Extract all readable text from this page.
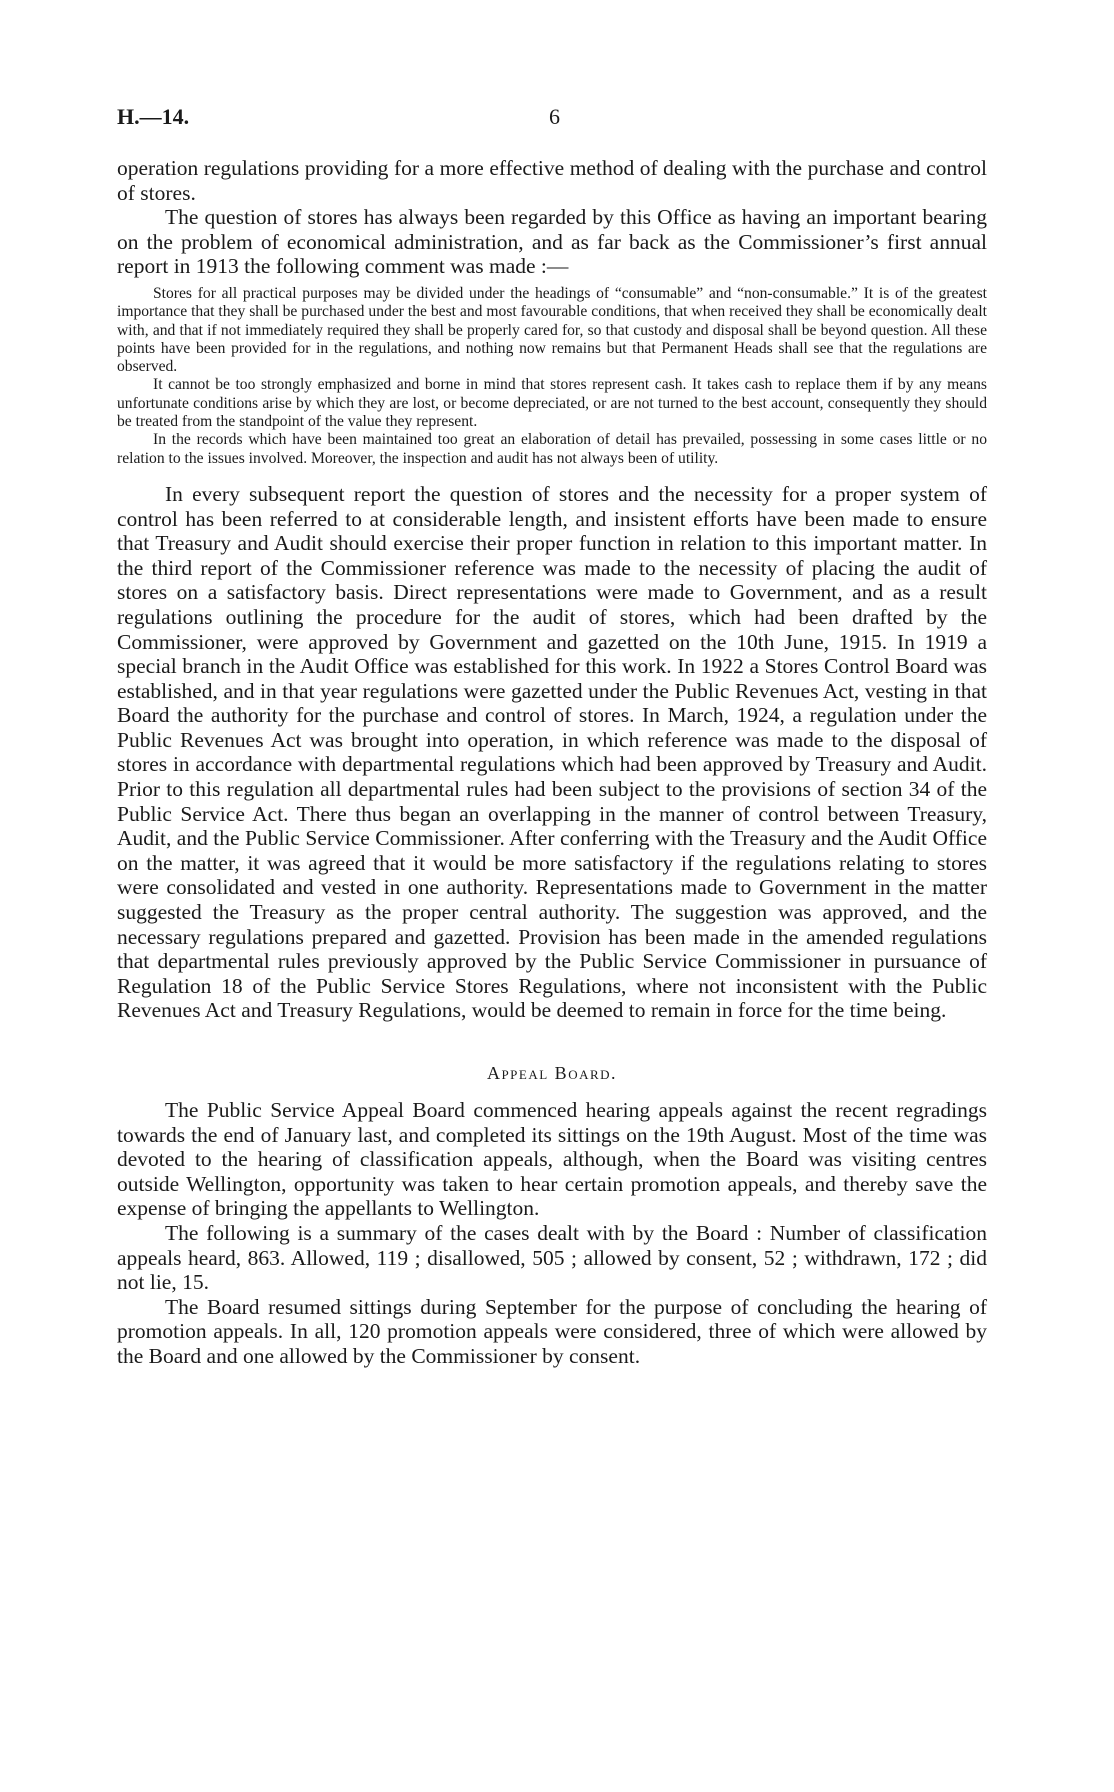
H.—14.	6

operation regulations providing for a more effective method of dealing with the purchase and control of stores.

The question of stores has always been regarded by this Office as having an important bearing on the problem of economical administration, and as far back as the Commissioner’s first annual report in 1913 the following comment was made :—

Stores for all practical purposes may be divided under the headings of “consumable” and “non-consumable.” It is of the greatest importance that they shall be purchased under the best and most favourable conditions, that when received they shall be economically dealt with, and that if not immediately required they shall be properly cared for, so that custody and disposal shall be beyond question. All these points have been provided for in the regulations, and nothing now remains but that Permanent Heads shall see that the regulations are observed.

It cannot be too strongly emphasized and borne in mind that stores represent cash. It takes cash to replace them if by any means unfortunate conditions arise by which they are lost, or become depreciated, or are not turned to the best account, consequently they should be treated from the standpoint of the value they represent.

In the records which have been maintained too great an elaboration of detail has prevailed, possessing in some cases little or no relation to the issues involved. Moreover, the inspection and audit has not always been of utility.

In every subsequent report the question of stores and the necessity for a proper system of control has been referred to at considerable length, and insistent efforts have been made to ensure that Treasury and Audit should exercise their proper function in relation to this important matter. In the third report of the Commissioner reference was made to the necessity of placing the audit of stores on a satisfactory basis. Direct representations were made to Government, and as a result regulations outlining the procedure for the audit of stores, which had been drafted by the Commissioner, were approved by Government and gazetted on the 10th June, 1915. In 1919 a special branch in the Audit Office was established for this work. In 1922 a Stores Control Board was established, and in that year regulations were gazetted under the Public Revenues Act, vesting in that Board the authority for the purchase and control of stores. In March, 1924, a regulation under the Public Revenues Act was brought into operation, in which reference was made to the disposal of stores in accordance with departmental regulations which had been approved by Treasury and Audit. Prior to this regulation all departmental rules had been subject to the provisions of section 34 of the Public Service Act. There thus began an overlapping in the manner of control between Treasury, Audit, and the Public Service Commissioner. After conferring with the Treasury and the Audit Office on the matter, it was agreed that it would be more satisfactory if the regulations relating to stores were consolidated and vested in one authority. Representations made to Government in the matter suggested the Treasury as the proper central authority. The suggestion was approved, and the necessary regulations prepared and gazetted. Provision has been made in the amended regulations that departmental rules previously approved by the Public Service Commissioner in pursuance of Regulation 18 of the Public Service Stores Regulations, where not inconsistent with the Public Revenues Act and Treasury Regulations, would be deemed to remain in force for the time being.

Appeal Board.

The Public Service Appeal Board commenced hearing appeals against the recent regradings towards the end of January last, and completed its sittings on the 19th August. Most of the time was devoted to the hearing of classification appeals, although, when the Board was visiting centres outside Wellington, opportunity was taken to hear certain promotion appeals, and thereby save the expense of bringing the appellants to Wellington.

The following is a summary of the cases dealt with by the Board : Number of classification appeals heard, 863. Allowed, 119 ; disallowed, 505 ; allowed by consent, 52 ; withdrawn, 172 ; did not lie, 15.

The Board resumed sittings during September for the purpose of concluding the hearing of promotion appeals. In all, 120 promotion appeals were considered, three of which were allowed by the Board and one allowed by the Commissioner by consent.
